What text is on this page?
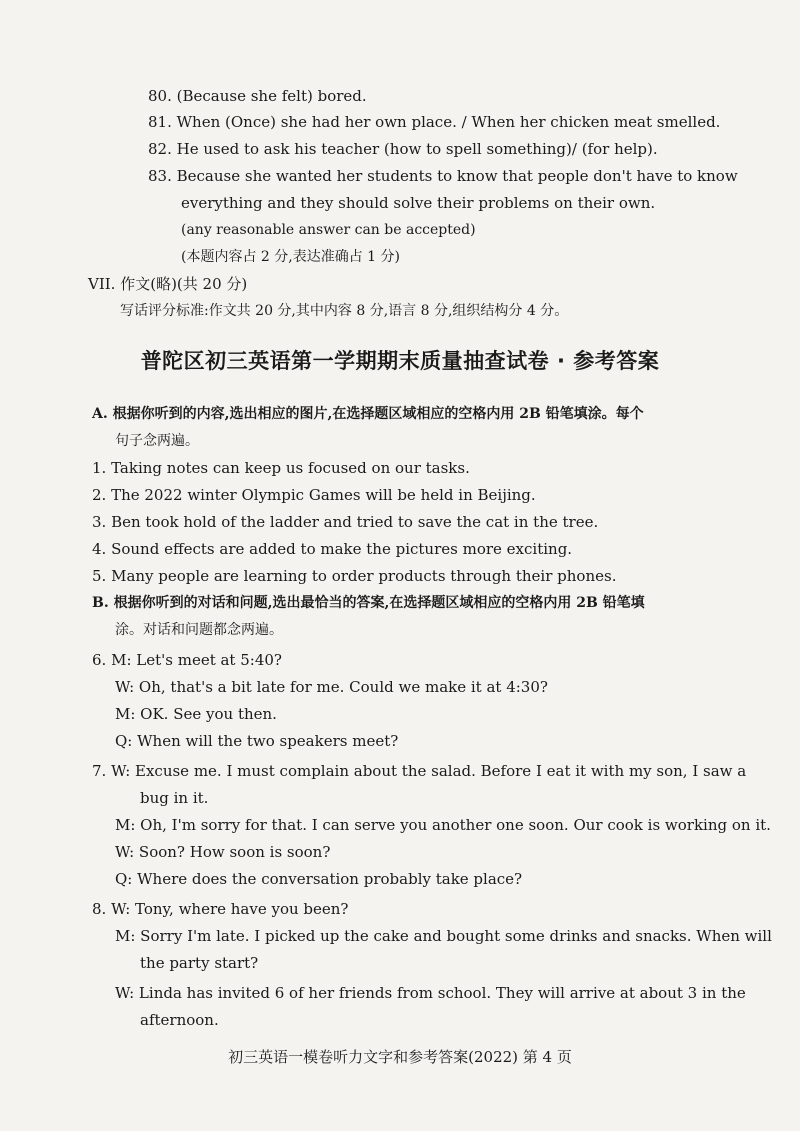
80. (Because she felt) bored.
81. When (Once) she had her own place. / When her chicken meat smelled.
82. He used to ask his teacher (how to spell something)/ (for help).
83. Because she wanted her students to know that people don't have to know
everything and they should solve their problems on their own.
(any reasonable answer can be accepted)
(本题内容占 2 分,表达准确占 1 分)
VII. 作文(略)(共 20 分)
写话评分标准:作文共 20 分,其中内容 8 分,语言 8 分,组织结构分 4 分。
普陀区初三英语第一学期期末质量抽查试卷 · 参考答案
A. 根据你听到的内容,选出相应的图片,在选择题区域相应的空格内用 2B 铅笔填涂。每个
句子念两遍。
1. Taking notes can keep us focused on our tasks.
2. The 2022 winter Olympic Games will be held in Beijing.
3. Ben took hold of the ladder and tried to save the cat in the tree.
4. Sound effects are added to make the pictures more exciting.
5. Many people are learning to order products through their phones.
B. 根据你听到的对话和问题,选出最恰当的答案,在选择题区域相应的空格内用 2B 铅笔填
涂。对话和问题都念两遍。
6. M: Let's meet at 5:40?
W: Oh, that's a bit late for me. Could we make it at 4:30?
M: OK. See you then.
Q: When will the two speakers meet?
7. W: Excuse me. I must complain about the salad. Before I eat it with my son, I saw a
bug in it.
M: Oh, I'm sorry for that. I can serve you another one soon. Our cook is working on it.
W: Soon? How soon is soon?
Q: Where does the conversation probably take place?
8. W: Tony, where have you been?
M: Sorry I'm late. I picked up the cake and bought some drinks and snacks. When will
the party start?
W: Linda has invited 6 of her friends from school. They will arrive at about 3 in the
afternoon.
初三英语一模卷听力文字和参考答案(2022) 第 4 页
